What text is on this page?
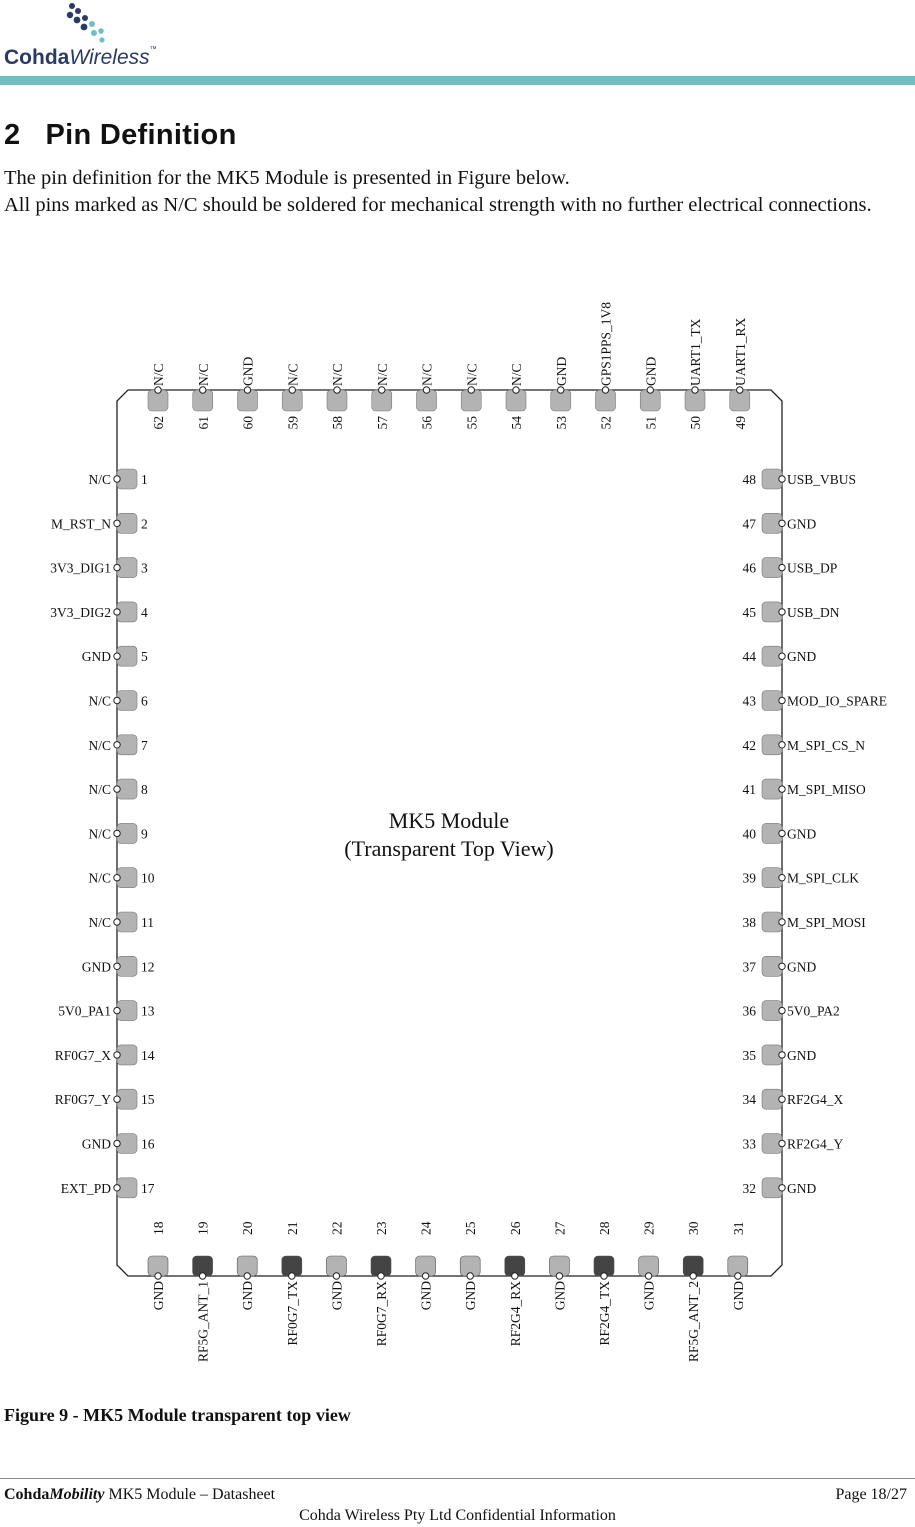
CohdaWireless™
2 Pin Definition

The pin definition for the MK5 Module is presented in Figure below.

All pins marked as N/C should be soldered for mechanical strength with no further electrical connections.

1
N/C
2
M_RST_N
3
3V3_DIG1
4
3V3_DIG2
5
GND
6
N/C
7
N/C
8
N/C
9
N/C
10
N/C
11
N/C
12
GND
13
5V0_PA1
14
RF0G7_X
15
RF0G7_Y
16
GND
17
EXT_PD
48 USB_VBUS
47 GND
46 USB_DP
45 USB_DN
44 GND
43 MOD_IO_SPARE
42 M_SPI_CS_N
41 M_SPI_MISO
40 GND
39 M_SPI_CLK
38 M_SPI_MOSI
37 GND
36 5V0_PA2
35 GND
34 RF2G4_X
33 RF2G4_Y
32 GND
62
N/C
61
N/C
60
GND
59
N/C
58
N/C
57
N/C
56
N/C
55
N/C
54
N/C
53
GND
52
GPS1PPS_1V8
51
GND
50
UART1_TX
49
UART1_RX
18
GND
19
RF5G_ANT_1
20
GND
21
RF0G7_TX
22
GND
23
RF0G7_RX
24
GND
25
GND
26
RF2G4_RX
27
GND
28
RF2G4_TX
29
GND
30
RF5G_ANT_2
31
GND
MK5 Module
(Transparent Top View)

Figure 9 - MK5 Module transparent top view

CohdaMobility MK5 Module – Datasheet	Page 18/27
Cohda Wireless Pty Ltd Confidential Information
